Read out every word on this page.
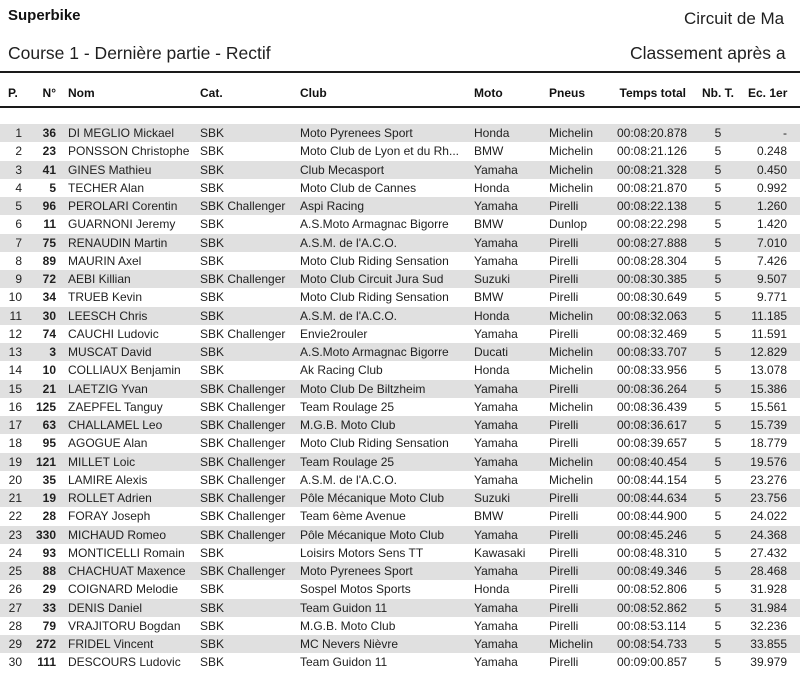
Superbike	Circuit de Ma
Course 1 - Dernière partie - Rectif	Classement après a
P.	N°	Nom	Cat.	Club	Moto	Pneus	Temps total	Nb. T.	Ec. 1er

1	36	DI MEGLIO Mickael	SBK	Moto Pyrenees Sport	Honda	Michelin	00:08:20.878	5	-
2	23	PONSSON Christophe	SBK	Moto Club de Lyon et du Rh...	BMW	Michelin	00:08:21.126	5	0.248
3	41	GINES Mathieu	SBK	Club Mecasport	Yamaha	Michelin	00:08:21.328	5	0.450
4	5	TECHER Alan	SBK	Moto Club de Cannes	Honda	Michelin	00:08:21.870	5	0.992
5	96	PEROLARI Corentin	SBK Challenger	Aspi Racing	Yamaha	Pirelli	00:08:22.138	5	1.260
6	11	GUARNONI Jeremy	SBK	A.S.Moto Armagnac Bigorre	BMW	Dunlop	00:08:22.298	5	1.420
7	75	RENAUDIN Martin	SBK	A.S.M. de l'A.C.O.	Yamaha	Pirelli	00:08:27.888	5	7.010
8	89	MAURIN Axel	SBK	Moto Club Riding Sensation	Yamaha	Pirelli	00:08:28.304	5	7.426
9	72	AEBI Killian	SBK Challenger	Moto Club Circuit Jura Sud	Suzuki	Pirelli	00:08:30.385	5	9.507
10	34	TRUEB Kevin	SBK	Moto Club Riding Sensation	BMW	Pirelli	00:08:30.649	5	9.771
11	30	LEESCH Chris	SBK	A.S.M. de l'A.C.O.	Honda	Michelin	00:08:32.063	5	11.185
12	74	CAUCHI Ludovic	SBK Challenger	Envie2rouler	Yamaha	Pirelli	00:08:32.469	5	11.591
13	3	MUSCAT David	SBK	A.S.Moto Armagnac Bigorre	Ducati	Michelin	00:08:33.707	5	12.829
14	10	COLLIAUX Benjamin	SBK	Ak Racing Club	Honda	Michelin	00:08:33.956	5	13.078
15	21	LAETZIG Yvan	SBK Challenger	Moto Club De Biltzheim	Yamaha	Pirelli	00:08:36.264	5	15.386
16	125	ZAEPFEL Tanguy	SBK Challenger	Team Roulage 25	Yamaha	Michelin	00:08:36.439	5	15.561
17	63	CHALLAMEL Leo	SBK Challenger	M.G.B. Moto Club	Yamaha	Pirelli	00:08:36.617	5	15.739
18	95	AGOGUE Alan	SBK Challenger	Moto Club Riding Sensation	Yamaha	Pirelli	00:08:39.657	5	18.779
19	121	MILLET Loic	SBK Challenger	Team Roulage 25	Yamaha	Michelin	00:08:40.454	5	19.576
20	35	LAMIRE Alexis	SBK Challenger	A.S.M. de l'A.C.O.	Yamaha	Michelin	00:08:44.154	5	23.276
21	19	ROLLET Adrien	SBK Challenger	Pôle Mécanique Moto Club	Suzuki	Pirelli	00:08:44.634	5	23.756
22	28	FORAY Joseph	SBK Challenger	Team 6ème Avenue	BMW	Pirelli	00:08:44.900	5	24.022
23	330	MICHAUD Romeo	SBK Challenger	Pôle Mécanique Moto Club	Yamaha	Pirelli	00:08:45.246	5	24.368
24	93	MONTICELLI Romain	SBK	Loisirs Motors Sens TT	Kawasaki	Pirelli	00:08:48.310	5	27.432
25	88	CHACHUAT Maxence	SBK Challenger	Moto Pyrenees Sport	Yamaha	Pirelli	00:08:49.346	5	28.468
26	29	COIGNARD Melodie	SBK	Sospel Motos Sports	Honda	Pirelli	00:08:52.806	5	31.928
27	33	DENIS Daniel	SBK	Team Guidon 11	Yamaha	Pirelli	00:08:52.862	5	31.984
28	79	VRAJITORU Bogdan	SBK	M.G.B. Moto Club	Yamaha	Pirelli	00:08:53.114	5	32.236
29	272	FRIDEL Vincent	SBK	MC Nevers Nièvre	Yamaha	Michelin	00:08:54.733	5	33.855
30	111	DESCOURS Ludovic	SBK	Team Guidon 11	Yamaha	Pirelli	00:09:00.857	5	39.979
